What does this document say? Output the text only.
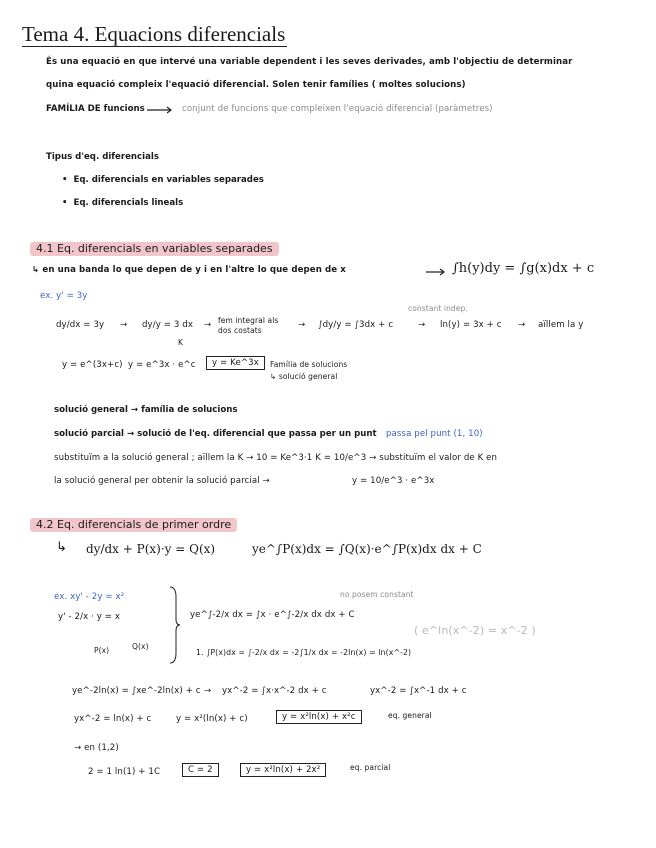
Tema 4. Equacions diferencials
És una equació en que intervé una variable dependent i les seves derivades, amb l'objectiu de determinar
quina equació compleix l'equació diferencial. Solen tenir famílies ( moltes solucions)
FAMÍLIA DE funcions	conjunt de funcions que compleixen l'equació diferencial (paràmetres)
Tipus d'eq. diferencials
• Eq. diferencials en variables separades
• Eq. diferencials lineals
4.1 Eq. diferencials en variables separades
↳ en una banda lo que depen de y i en l'altre lo que depen de x	∫h(y)dy = ∫g(x)dx + c
ex. y' = 3y
dy/dx = 3y → dy/y = 3 dx → fem integral als dos costats
→ ∫dy/y = ∫3dx + c
constant indep.
→ ln(y) = 3x + c → aïllem la y
y = e^(3x+c) y = e^3x · e^c
K
y = Ke^3x	Família de solucions
↳ solució general
solució general → família de solucions
solució parcial → solució de l'eq. diferencial que passa per un punt passa pel punt (1, 10)
substituïm a la solució general ; aïllem la K → 10 = Ke^3·1 K = 10/e^3 → substituïm el valor de K en
la solució general per obtenir la solució parcial →	y = 10/e^3 · e^3x
4.2 Eq. diferencials de primer ordre
↳ dy/dx + P(x)·y = Q(x)	ye^∫P(x)dx = ∫Q(x)·e^∫P(x)dx dx + C
ex. xy' - 2y = x²
y' - 2/x · y = x
P(x)	Q(x)
ye^∫-2/x dx = ∫x · e^∫-2/x dx dx + C
no posem constant
( e^ln(x^-2) = x^-2 )
1. ∫P(x)dx = ∫-2/x dx = -2∫1/x dx = -2ln(x) = ln(x^-2)
ye^-2ln(x) = ∫xe^-2ln(x) + c → yx^-2 = ∫x·x^-2 dx + c	yx^-2 = ∫x^-1 dx + c
yx^-2 = ln(x) + c	y = x²(ln(x) + c)	y = x²ln(x) + x²c	eq. general
→ en (1,2)
2 = 1 ln(1) + 1C	C = 2	y = x²ln(x) + 2x²	eq. parcial
